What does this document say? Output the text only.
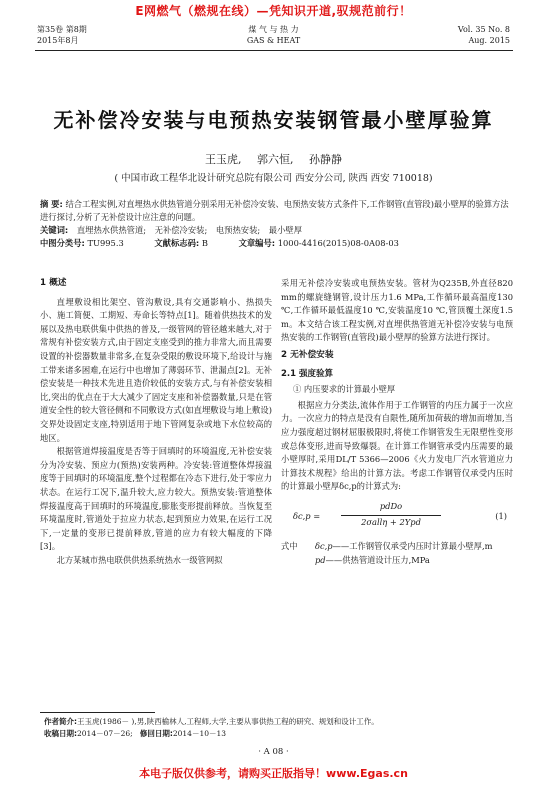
E网燃气（燃规在线）—凭知识开道,驭规范前行！
第35卷 第8期
2015年8月
煤 气 与 热 力
GAS & HEAT
Vol. 35 No. 8
Aug. 2015
无补偿冷安装与电预热安装钢管最小壁厚验算
王玉虎, 郭六恒, 孙静静
( 中国市政工程华北设计研究总院有限公司 西安分公司, 陕西 西安 710018)
摘 要: 结合工程实例,对直埋热水供热管道分别采用无补偿冷安装、电预热安装方式条件下,工作钢管(直管段)最小壁厚的验算方法进行探讨,分析了无补偿设计应注意的问题。
关键词: 直埋热水供热管道; 无补偿冷安装; 电预热安装; 最小壁厚
中图分类号: TU995.3	文献标志码: B	文章编号: 1000-4416(2015)08-0A08-03
1 概述

直埋敷设相比架空、管沟敷设,具有交通影响小、热损失小、施工简便、工期短、寿命长等特点[1]。随着供热技术的发展以及热电联供集中供热的普及,一级管网的管径越来越大,对于常规有补偿安装方式,由于固定支座受到的推力非常大,而且需要设置的补偿器数量非常多,在复杂受限的敷设环境下,给设计与施工带来诸多困难,在运行中也增加了薄弱环节、泄漏点[2]。无补偿安装是一种技术先进且造价较低的安装方式,与有补偿安装相比,突出的优点在于大大减少了固定支座和补偿器数量,只是在管道安全性的较大管径侧和不同敷设方式(如直埋敷设与地上敷设)交界处设固定支座,特别适用于地下管网复杂或地下水位较高的地区。

根据管道焊接温度是否等于回填时的环境温度,无补偿安装分为冷安装、预应力(预热)安装两种。冷安装:管道整体焊接温度等于回填时的环境温度,整个过程都在冷态下进行,处于零应力状态。在运行工况下,温升较大,应力较大。预热安装:管道整体焊接温度高于回填时的环境温度,膨胀变形提前释放。当恢复至环境温度时,管道处于拉应力状态,起到预应力效果,在运行工况下,一定量的变形已提前释放,管道的应力有较大幅度的下降[3]。

北方某城市热电联供供热系统热水一级管网拟

采用无补偿冷安装或电预热安装。管材为Q235B,外直径820 mm的螺旋缝钢管,设计压力1.6 MPa,工作循环最高温度130 ℃,工作循环最低温度10 ℃,安装温度10 ℃,管顶覆土深度1.5 m。本文结合该工程实例,对直埋供热管道无补偿冷安装与电预热安装的工作钢管(直管段)最小壁厚的验算方法进行探讨。

2 无补偿安装
2.1 强度验算
① 内压要求的计算最小壁厚

根据应力分类法,流体作用于工作钢管的内压力属于一次应力。一次应力的特点是没有自限性,随所加荷载的增加而增加,当应力强度超过钢材屈服极限时,将使工作钢管发生无限塑性变形或总体变形,进而导致爆裂。在计算工作钢管承受内压需要的最小壁厚时,采用DL/T 5366—2006《火力发电厂汽水管道应力计算技术规程》给出的计算方法。考虑工作钢管仅承受内压时的计算最小壁厚δc,p的计算式为:

δc,p =
pdDo
2σallη + 2Ypd
(1)
式中	δc,p——工作钢管仅承受内压时计算最小壁厚,m
pd——供热管道设计压力,MPa
作者简介:王玉虎(1986－ ),男,陕西榆林人,工程师,大学,主要从事供热工程的研究、规划和设计工作。
收稿日期:2014－07－26; 修回日期:2014－10－13
· A 08 ·
本电子版仅供参考，请购买正版指导！www.Egas.cn
